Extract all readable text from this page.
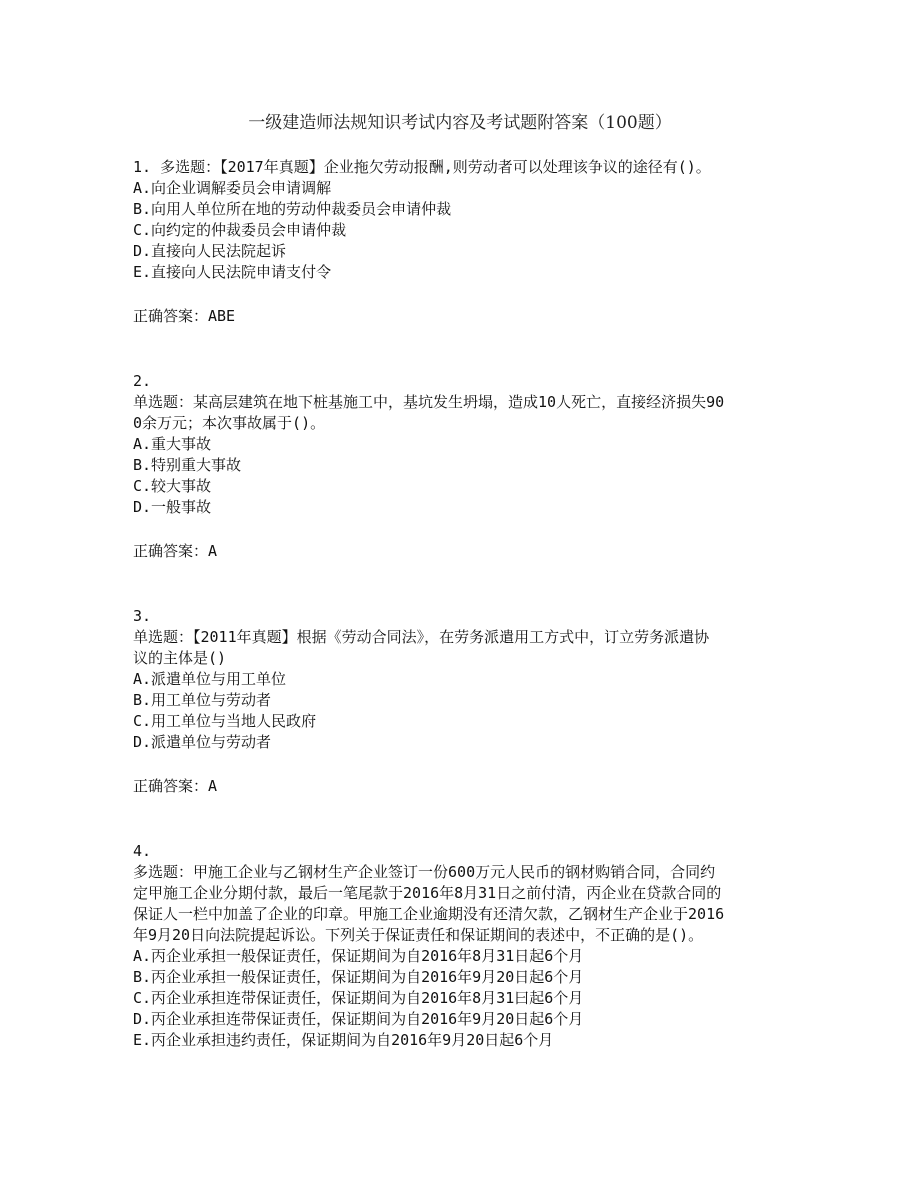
一级建造师法规知识考试内容及考试题附答案（100题）
1. 多选题：【2017年真题】企业拖欠劳动报酬,则劳动者可以处理该争议的途径有()。
A.向企业调解委员会申请调解
B.向用人单位所在地的劳动仲裁委员会申请仲裁
C.向约定的仲裁委员会申请仲裁
D.直接向人民法院起诉
E.直接向人民法院申请支付令
正确答案：ABE
2.
单选题：某高层建筑在地下桩基施工中，基坑发生坍塌，造成10人死亡，直接经济损失90
0余万元；本次事故属于()。
A.重大事故
B.特别重大事故
C.较大事故
D.一般事故
正确答案：A
3.
单选题：【2011年真题】根据《劳动合同法》，在劳务派遣用工方式中，订立劳务派遣协
议的主体是()
A.派遣单位与用工单位
B.用工单位与劳动者
C.用工单位与当地人民政府
D.派遣单位与劳动者
正确答案：A
4.
多选题：甲施工企业与乙钢材生产企业签订一份600万元人民币的钢材购销合同，合同约
定甲施工企业分期付款，最后一笔尾款于2016年8月31日之前付清，丙企业在贷款合同的
保证人一栏中加盖了企业的印章。甲施工企业逾期没有还清欠款，乙钢材生产企业于2016
年9月20日向法院提起诉讼。下列关于保证责任和保证期间的表述中，不正确的是()。
A.丙企业承担一般保证责任，保证期间为自2016年8月31日起6个月
B.丙企业承担一般保证责任，保证期间为自2016年9月20日起6个月
C.丙企业承担连带保证责任，保证期间为自2016年8月31曰起6个月
D.丙企业承担连带保证责任，保证期间为自2016年9月20日起6个月
E.丙企业承担违约责任，保证期间为自2016年9月20日起6个月
